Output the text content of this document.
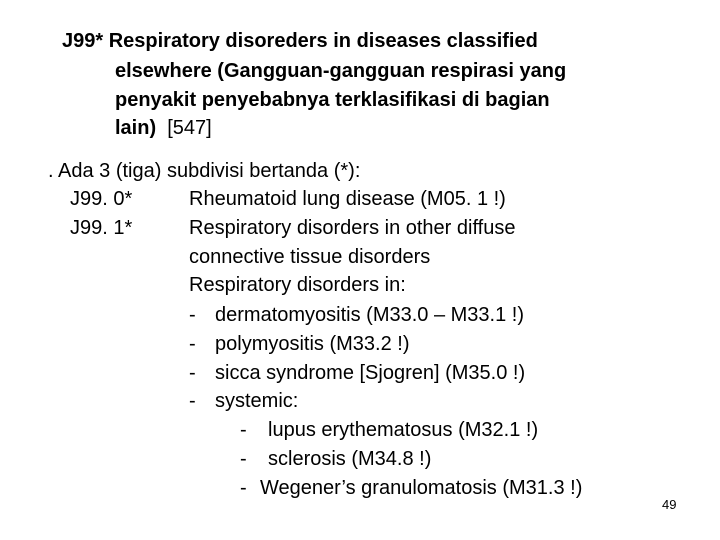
J99* Respiratory disoreders in diseases classified
elsewhere (Gangguan-gangguan respirasi yang
penyakit penyebabnya terklasifikasi di bagian
lain) [547]
. Ada 3 (tiga) subdivisi bertanda (*):
J99. 0*	Rheumatoid lung disease (M05. 1 !)
J99. 1*	Respiratory disorders in other diffuse
connective tissue disorders
Respiratory disorders in:
- dermatomyositis (M33.0 – M33.1 !)
- polymyositis (M33.2 !)
- sicca syndrome [Sjogren] (M35.0 !)
- systemic:
- lupus erythematosus (M32.1 !)
- sclerosis (M34.8 !)
- Wegener’s granulomatosis (M31.3 !)
49
